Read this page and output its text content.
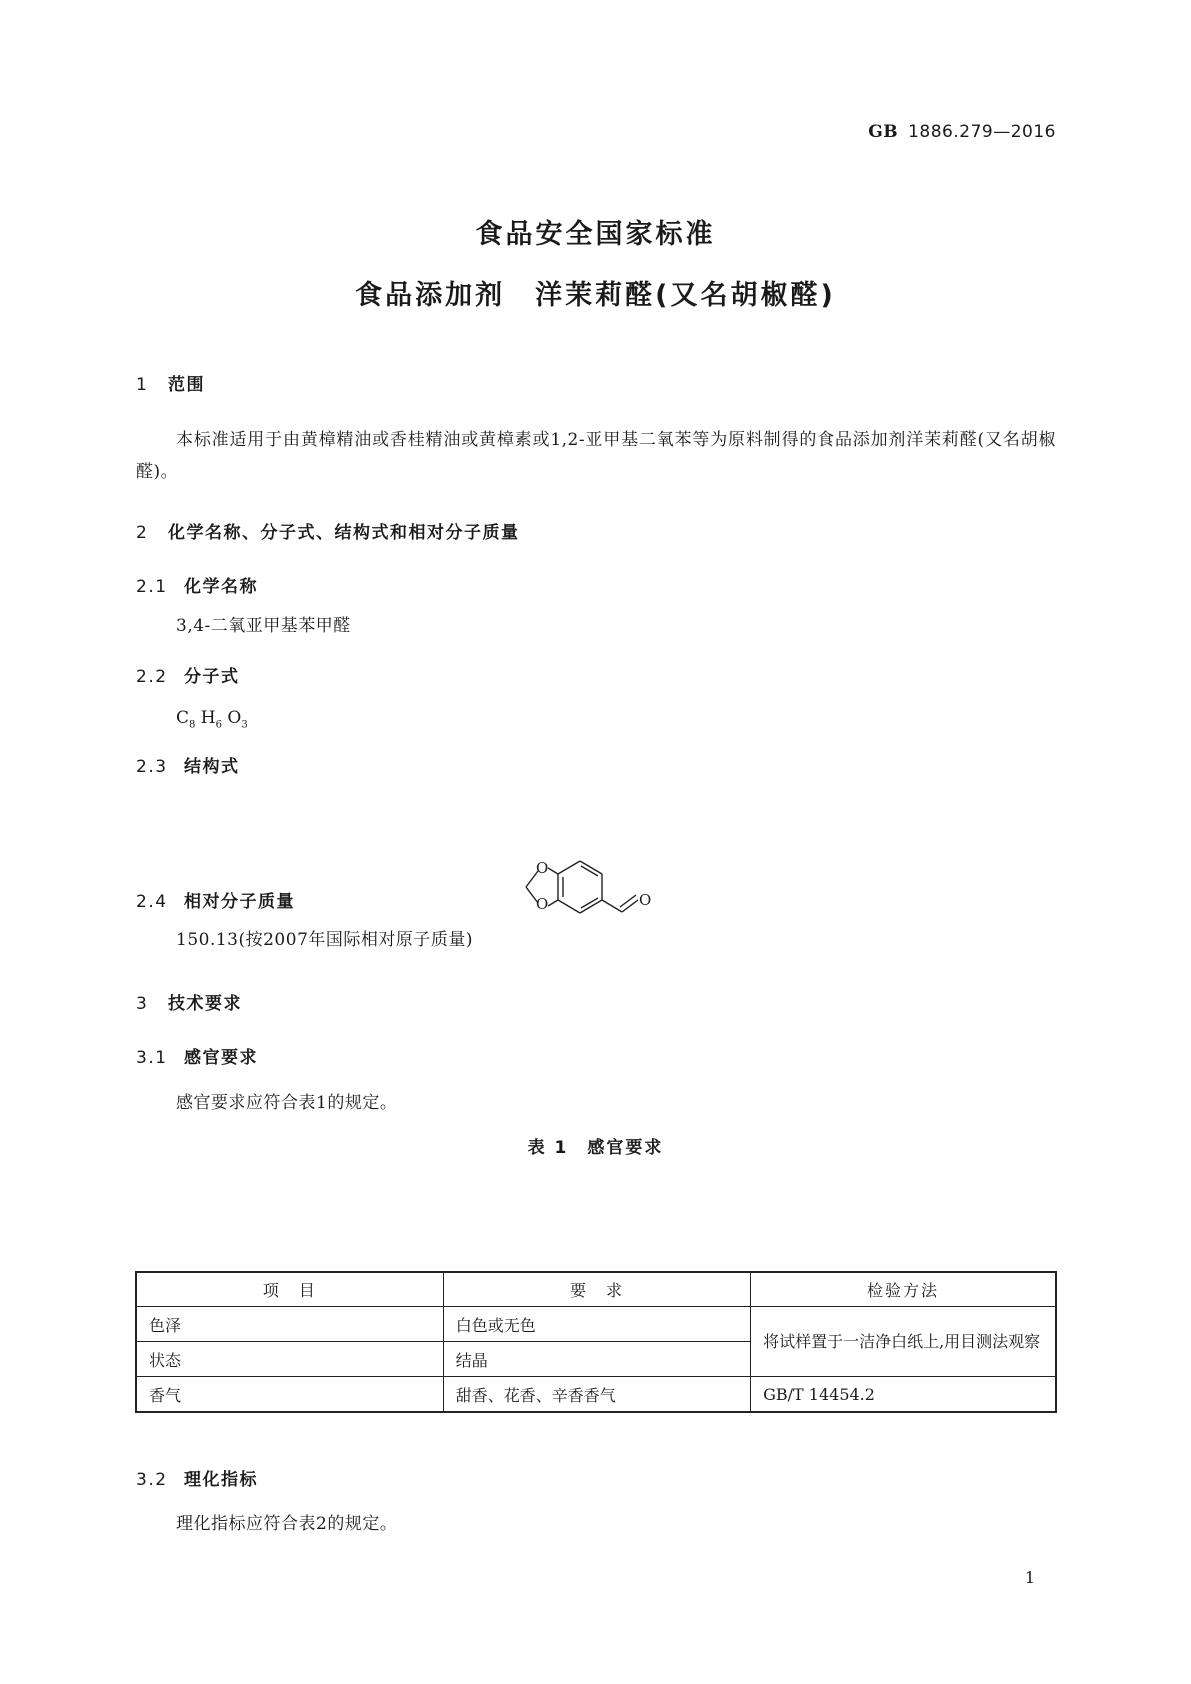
GB 1886.279—2016
食品安全国家标准
食品添加剂　洋茉莉醛(又名胡椒醛)
1 范围
本标准适用于由黄樟精油或香桂精油或黄樟素或1,2-亚甲基二氧苯等为原料制得的食品添加剂洋茉莉醛(又名胡椒醛)。
2 化学名称、分子式、结构式和相对分子质量
2.1 化学名称
3,4-二氧亚甲基苯甲醛
2.2 分子式
$C_8$ $H_6$ $O_3$
2.3 结构式
O
O	O
2.4 相对分子质量
150.13(按2007年国际相对原子质量)
3 技术要求
3.1 感官要求
感官要求应符合表1的规定。
表 1　感官要求
项　目	要　求	检验方法
色泽	白色或无色	将试样置于一洁净白纸上,用目测法观察
状态	结晶	
香气	甜香、花香、辛香香气	GB/T 14454.2
3.2 理化指标
理化指标应符合表2的规定。
1
